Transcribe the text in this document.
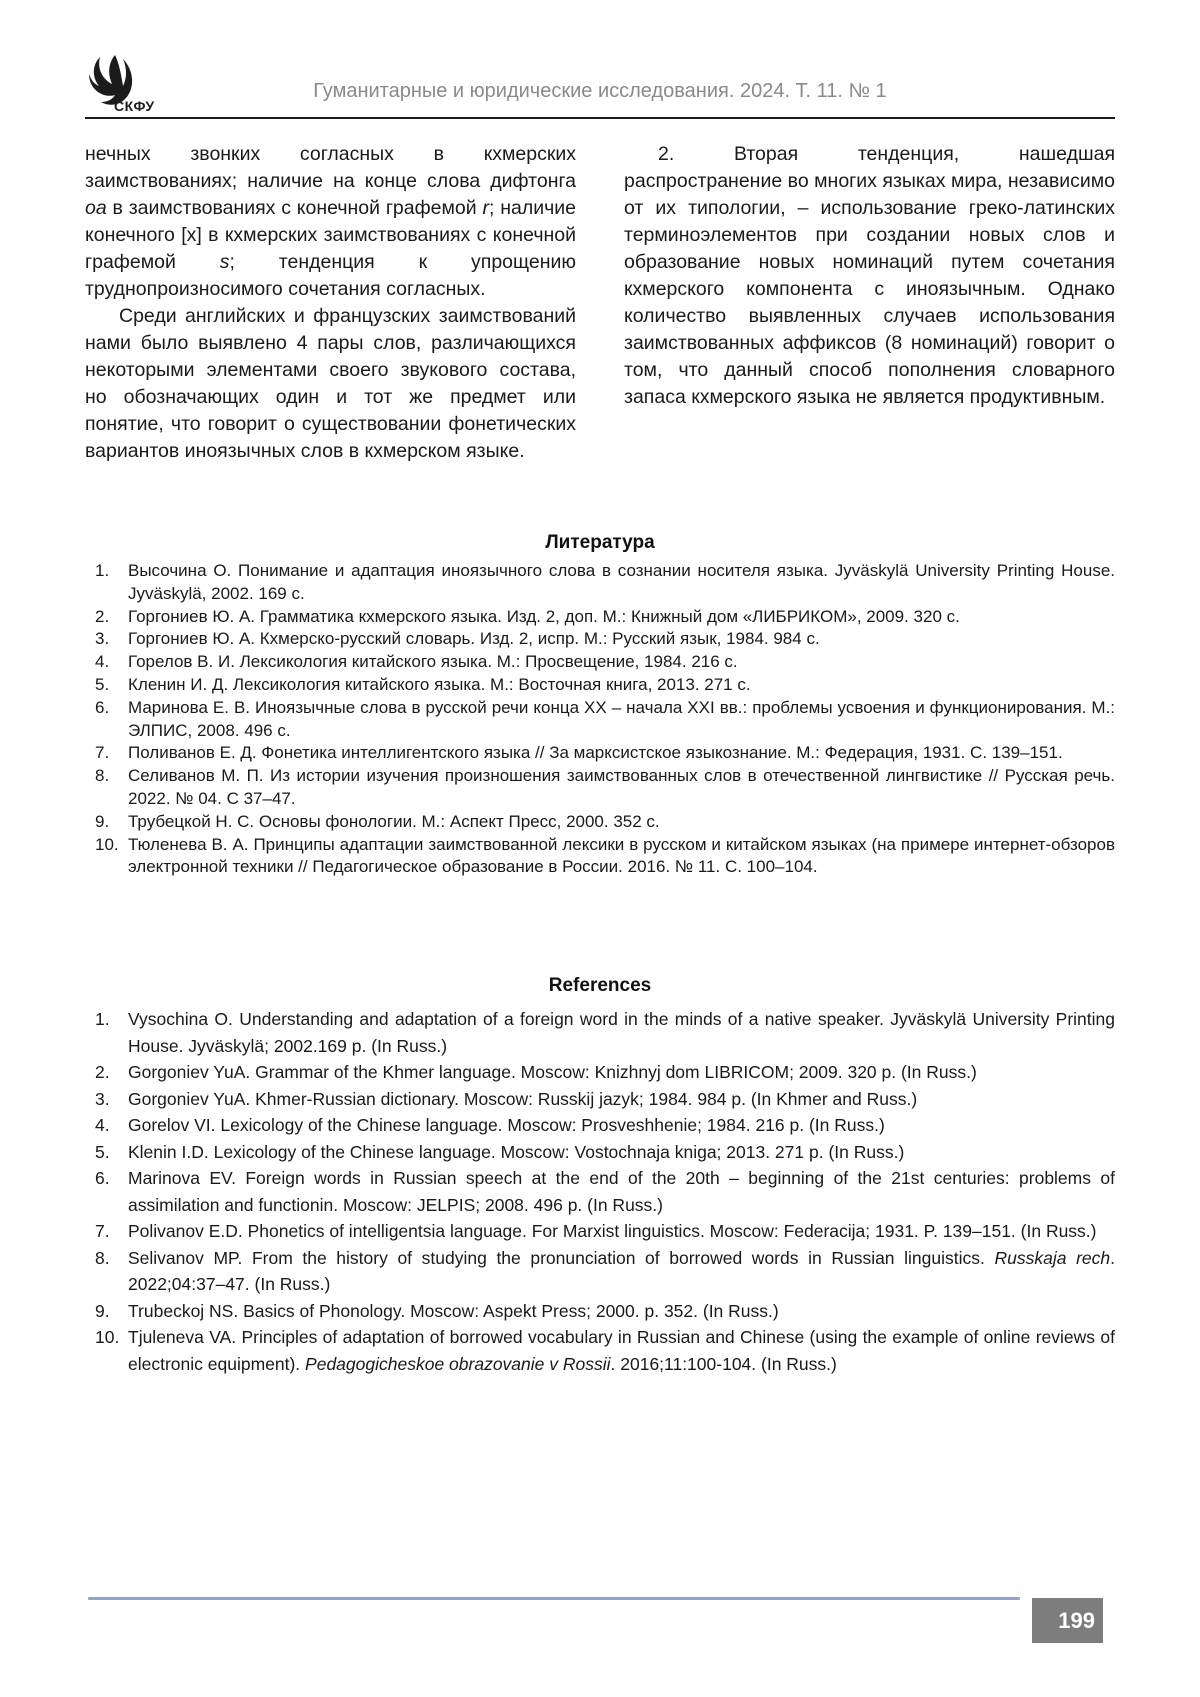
СКФУ
Гуманитарные и юридические исследования. 2024. Т. 11. № 1

нечных звонких согласных в кхмерских заимствованиях; наличие на конце слова дифтонга oa в заимствованиях с конечной графемой r; наличие конечного [х] в кхмерских заимствованиях с конечной графемой s; тенденция к упрощению труднопроизносимого сочетания согласных.

Среди английских и французских заимствований нами было выявлено 4 пары слов, различающихся некоторыми элементами своего звукового состава, но обозначающих один и тот же предмет или понятие, что говорит о существовании фонетических вариантов иноязычных слов в кхмерском языке.

2. Вторая тенденция, нашедшая распространение во многих языках мира, независимо от их типологии, – использование греко-латинских терминоэлементов при создании новых слов и образование новых номинаций путем сочетания кхмерского компонента с иноязычным. Однако количество выявленных случаев использования заимствованных аффиксов (8 номинаций) говорит о том, что данный способ пополнения словарного запаса кхмерского языка не является продуктивным.

Литература
1. Высочина О. Понимание и адаптация иноязычного слова в сознании носителя языка. Jyväskylä University Printing House. Jyväskylä, 2002. 169 с.
2. Горгониев Ю. А. Грамматика кхмерского языка. Изд. 2, доп. М.: Книжный дом «ЛИБРИКОМ», 2009. 320 с.
3. Горгониев Ю. А. Кхмерско-русский словарь. Изд. 2, испр. М.: Русский язык, 1984. 984 с.
4. Горелов В. И. Лексикология китайского языка. М.: Просвещение, 1984. 216 с.
5. Кленин И. Д. Лексикология китайского языка. М.: Восточная книга, 2013. 271 с.
6. Маринова Е. В. Иноязычные слова в русской речи конца XX – начала XXI вв.: проблемы усвоения и функционирования. М.: ЭЛПИС, 2008. 496 с.
7. Поливанов Е. Д. Фонетика интеллигентского языка // За марксистское языкознание. М.: Федерация, 1931. С. 139–151.
8. Селиванов М. П. Из истории изучения произношения заимствованных слов в отечественной лингвистике // Русская речь. 2022. № 04. С 37–47.
9. Трубецкой Н. С. Основы фонологии. М.: Аспект Пресс, 2000. 352 с.
10. Тюленева В. А. Принципы адаптации заимствованной лексики в русском и китайском языках (на примере интернет-обзоров электронной техники // Педагогическое образование в России. 2016. № 11. С. 100–104.
References
1. Vysochina O. Understanding and adaptation of a foreign word in the minds of a native speaker. Jyväskylä University Printing House. Jyväskylä; 2002.169 p. (In Russ.)
2. Gorgoniev YuA. Grammar of the Khmer language. Moscow: Knizhnyj dom LIBRICOM; 2009. 320 p. (In Russ.)
3. Gorgoniev YuA. Khmer-Russian dictionary. Moscow: Russkij jazyk; 1984. 984 p. (In Khmer and Russ.)
4. Gorelov VI. Lexicology of the Chinese language. Moscow: Prosveshhenie; 1984. 216 p. (In Russ.)
5. Klenin I.D. Lexicology of the Chinese language. Moscow: Vostochnaja kniga; 2013. 271 p. (In Russ.)
6. Marinova EV. Foreign words in Russian speech at the end of the 20th – beginning of the 21st centuries: problems of assimilation and functionin. Moscow: JELPIS; 2008. 496 p. (In Russ.)
7. Polivanov E.D. Phonetics of intelligentsia language. For Marxist linguistics. Moscow: Federacija; 1931. P. 139–151. (In Russ.)
8. Selivanov MP. From the history of studying the pronunciation of borrowed words in Russian linguistics. Russkaja rech. 2022;04:37–47. (In Russ.)
9. Trubeckoj NS. Basics of Phonology. Moscow: Aspekt Press; 2000. p. 352. (In Russ.)
10. Tjuleneva VA. Principles of adaptation of borrowed vocabulary in Russian and Chinese (using the example of online reviews of electronic equipment). Pedagogicheskoe obrazovanie v Rossii. 2016;11:100-104. (In Russ.)
199
